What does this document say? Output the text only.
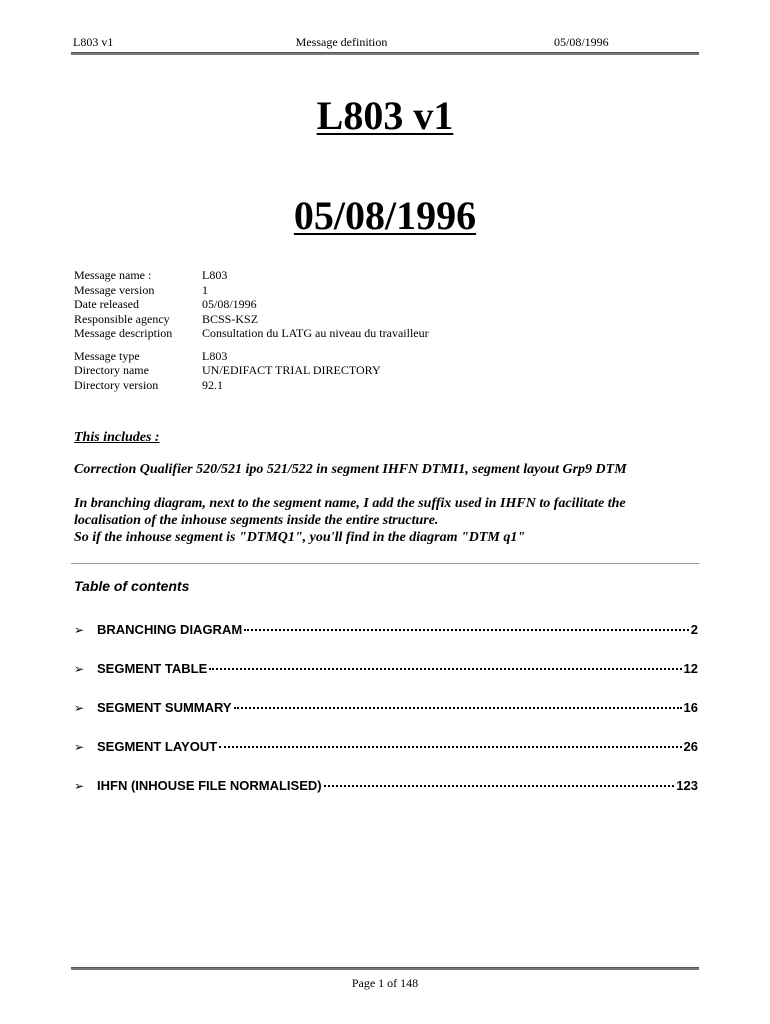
L803 v1	Message definition	05/08/1996
L803 v1
05/08/1996
Message name :	L803
Message version	1
Date released	05/08/1996
Responsible agency	BCSS-KSZ
Message description	Consultation du LATG au niveau du travailleur
Message type	L803
Directory name	UN/EDIFACT TRIAL DIRECTORY
Directory version	92.1
This includes :
Correction Qualifier 520/521 ipo 521/522 in segment IHFN DTMI1, segment layout Grp9 DTM
In branching diagram, next to the segment name, I add the suffix used in IHFN to facilitate the
localisation of the inhouse segments inside the entire structure.
So if the inhouse segment is "DTMQ1", you'll find in the diagram "DTM q1"
Table of contents
➢ BRANCHING DIAGRAM	2
➢ SEGMENT TABLE	12
➢ SEGMENT SUMMARY	16
➢ SEGMENT LAYOUT	26
➢ IHFN (INHOUSE FILE NORMALISED)	123
Page 1 of 148
